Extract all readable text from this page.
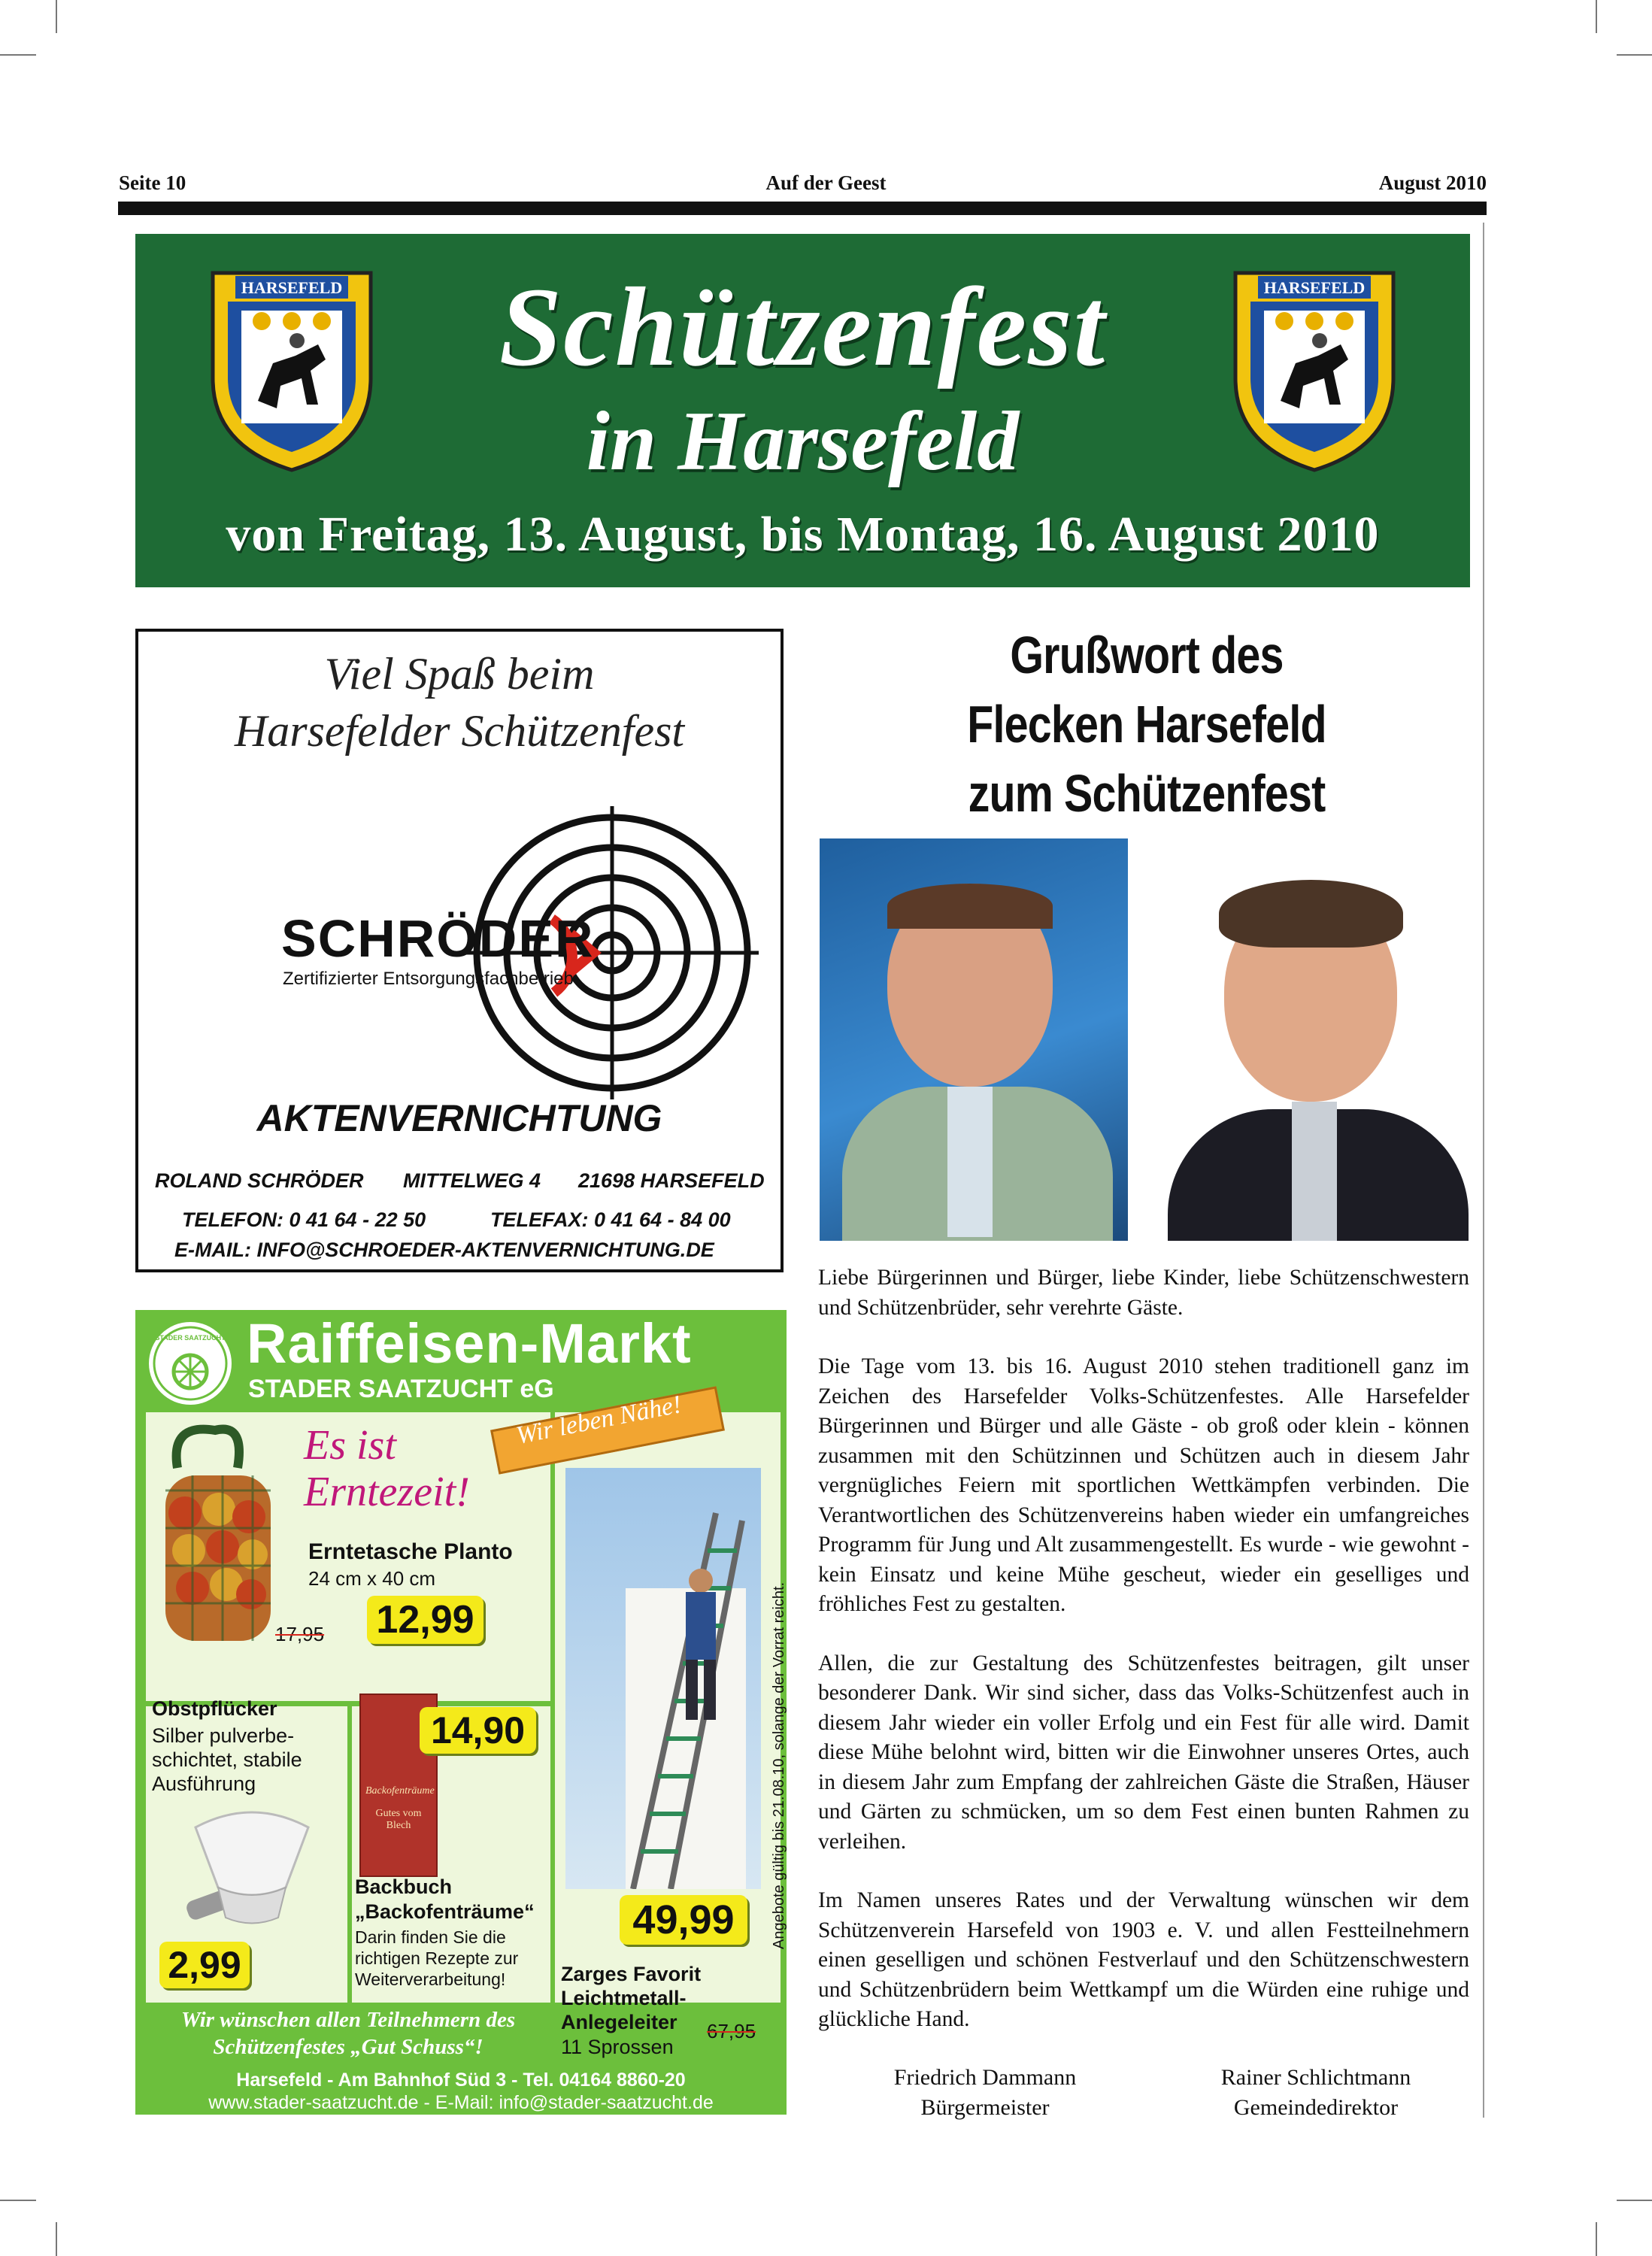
Seite 10	Auf der Geest	August 2010
HARSEFELD	HARSEFELD
Schützenfest
in Harsefeld
von Freitag, 13. August, bis Montag, 16. August 2010
Viel Spaß beim
Harsefelder Schützenfest
SCHRÖDER
Zertifizierter Entsorgungsfachbetrieb
AKTENVERNICHTUNG
ROLAND SCHRÖDER MITTELWEG 4 21698 HARSEFELD
TELEFON: 0 41 64 - 22 50	TELEFAX: 0 41 64 - 84 00
E-MAIL: INFO@SCHROEDER-AKTENVERNICHTUNG.DE
STADER SAATZUCHT Raiffeisen-Markt
STADER SAATZUCHT eG
Wir leben Nähe!
Es ist
Erntezeit!
Erntetasche Planto
24 cm x 40 cm
17,95 12,99
Obstpflücker
Silber pulverbe-
schichtet, stabile
Ausführung
2,99
Backofenträume
Gutes vom Blech
14,90
Backbuch
„Backofenträume“
Darin finden Sie die
richtigen Rezepte zur
Weiterverarbeitung!
Angebote gültig bis 21.08.10, solange der Vorrat reicht.
49,99
Zarges Favorit
Leichtmetall-
Anlegeleiter
11 Sprossen
67,95
Wir wünschen allen Teilnehmern des
Schützenfestes „Gut Schuss“!
Harsefeld - Am Bahnhof Süd 3 - Tel. 04164 8860-20
www.stader-saatzucht.de - E-Mail: info@stader-saatzucht.de
Grußwort des
Flecken Harsefeld
zum Schützenfest

Liebe Bürgerinnen und Bürger, liebe Kinder, liebe Schützenschwestern und Schützenbrüder, sehr verehrte Gäste.

Die Tage vom 13. bis 16. August 2010 stehen traditionell ganz im Zeichen des Harsefelder Volks-Schützenfestes. Alle Harsefelder Bürgerinnen und Bürger und alle Gäste - ob groß oder klein - können zusammen mit den Schützinnen und Schützen auch in diesem Jahr vergnügliches Feiern mit sportlichen Wettkämpfen verbinden. Die Verantwortlichen des Schützenvereins haben wieder ein umfangreiches Programm für Jung und Alt zusammengestellt. Es wurde - wie gewohnt - kein Einsatz und keine Mühe gescheut, wieder ein geselliges und fröhliches Fest zu gestalten.

Allen, die zur Gestaltung des Schützenfestes beitragen, gilt unser besonderer Dank. Wir sind sicher, dass das Volks-Schützenfest auch in diesem Jahr wieder ein voller Erfolg und ein Fest für alle wird. Damit diese Mühe belohnt wird, bitten wir die Einwohner unseres Ortes, auch in diesem Jahr zum Empfang der zahlreichen Gäste die Straßen, Häuser und Gärten zu schmücken, um so dem Fest einen bunten Rahmen zu verleihen.

Im Namen unseres Rates und der Verwaltung wünschen wir dem Schützenverein Harsefeld von 1903 e. V. und allen Festteilnehmern einen geselligen und schönen Festverlauf und den Schützenschwestern und Schützenbrüdern beim Wettkampf um die Würden eine ruhige und glückliche Hand.

Friedrich Dammann
Bürgermeister
Rainer Schlichtmann
Gemeindedirektor
